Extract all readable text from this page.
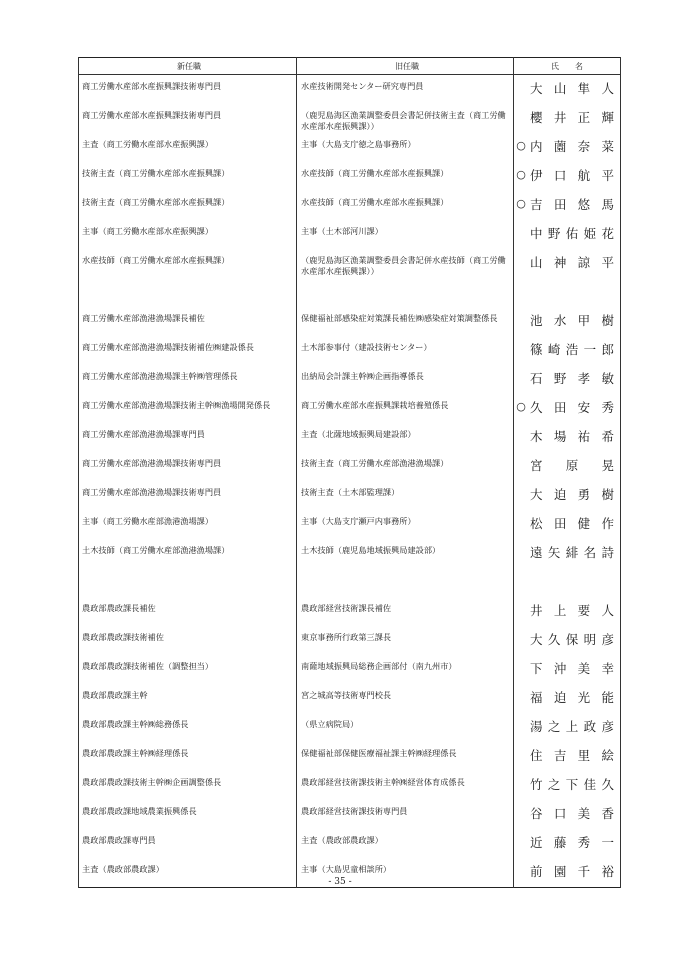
新任職	旧任職	氏　　名

商工労働水産部水産振興課技術専門員	水産技術開発センター研究専門員	大山隼人

商工労働水産部水産振興課技術専門員	（鹿児島海区漁業調整委員会書記併技術主査（商工労働水産部水産振興課））	櫻井正輝

主査（商工労働水産部水産振興課）	主事（大島支庁徳之島事務所）	○ 内薗奈菜

技術主査（商工労働水産部水産振興課）	水産技師（商工労働水産部水産振興課）	○ 伊口航平

技術主査（商工労働水産部水産振興課）	水産技師（商工労働水産部水産振興課）	○ 吉田悠馬

主事（商工労働水産部水産振興課）	主事（土木部河川課）	中野佑姫花

水産技師（商工労働水産部水産振興課）	（鹿児島海区漁業調整委員会書記併水産技師（商工労働水産部水産振興課））	山神諒平

商工労働水産部漁港漁場課長補佐	保健福祉部感染症対策課長補佐㈱感染症対策調整係長	池水甲樹

商工労働水産部漁港漁場課技術補佐㈱建設係長	土木部参事付（建設技術センター）	篠崎浩一郎

商工労働水産部漁港漁場課主幹㈱管理係長	出納局会計課主幹㈱企画指導係長	石野孝敏

商工労働水産部漁港漁場課技術主幹㈱漁場開発係長	商工労働水産部水産振興課栽培養殖係長	○ 久田安秀

商工労働水産部漁港漁場課専門員	主査（北薩地域振興局建設部）	木場祐希

商工労働水産部漁港漁場課技術専門員	技術主査（商工労働水産部漁港漁場課）	宮原晃

商工労働水産部漁港漁場課技術専門員	技術主査（土木部監理課）	大迫勇樹

主事（商工労働水産部漁港漁場課）	主事（大島支庁瀬戸内事務所）	松田健作

土木技師（商工労働水産部漁港漁場課）	土木技師（鹿児島地域振興局建設部）	遠矢緋名詩

農政部農政課長補佐	農政部経営技術課長補佐	井上要人

農政部農政課技術補佐	東京事務所行政第三課長	大久保明彦

農政部農政課技術補佐（調整担当）	南薩地域振興局総務企画部付（南九州市）	下沖美幸

農政部農政課主幹	宮之城高等技術専門校長	福迫光能

農政部農政課主幹㈱総務係長	（県立病院局）	湯之上政彦

農政部農政課主幹㈱経理係長	保健福祉部保健医療福祉課主幹㈱経理係長	住吉里絵

農政部農政課技術主幹㈱企画調整係長	農政部経営技術課技術主幹㈱経営体育成係長	竹之下佳久

農政部農政課地域農業振興係長	農政部経営技術課技術専門員	谷口美香

農政部農政課専門員	主査（農政部農政課）	近藤秀一

主査（農政部農政課）	主事（大島児童相談所）	前園千裕

- 35 -
